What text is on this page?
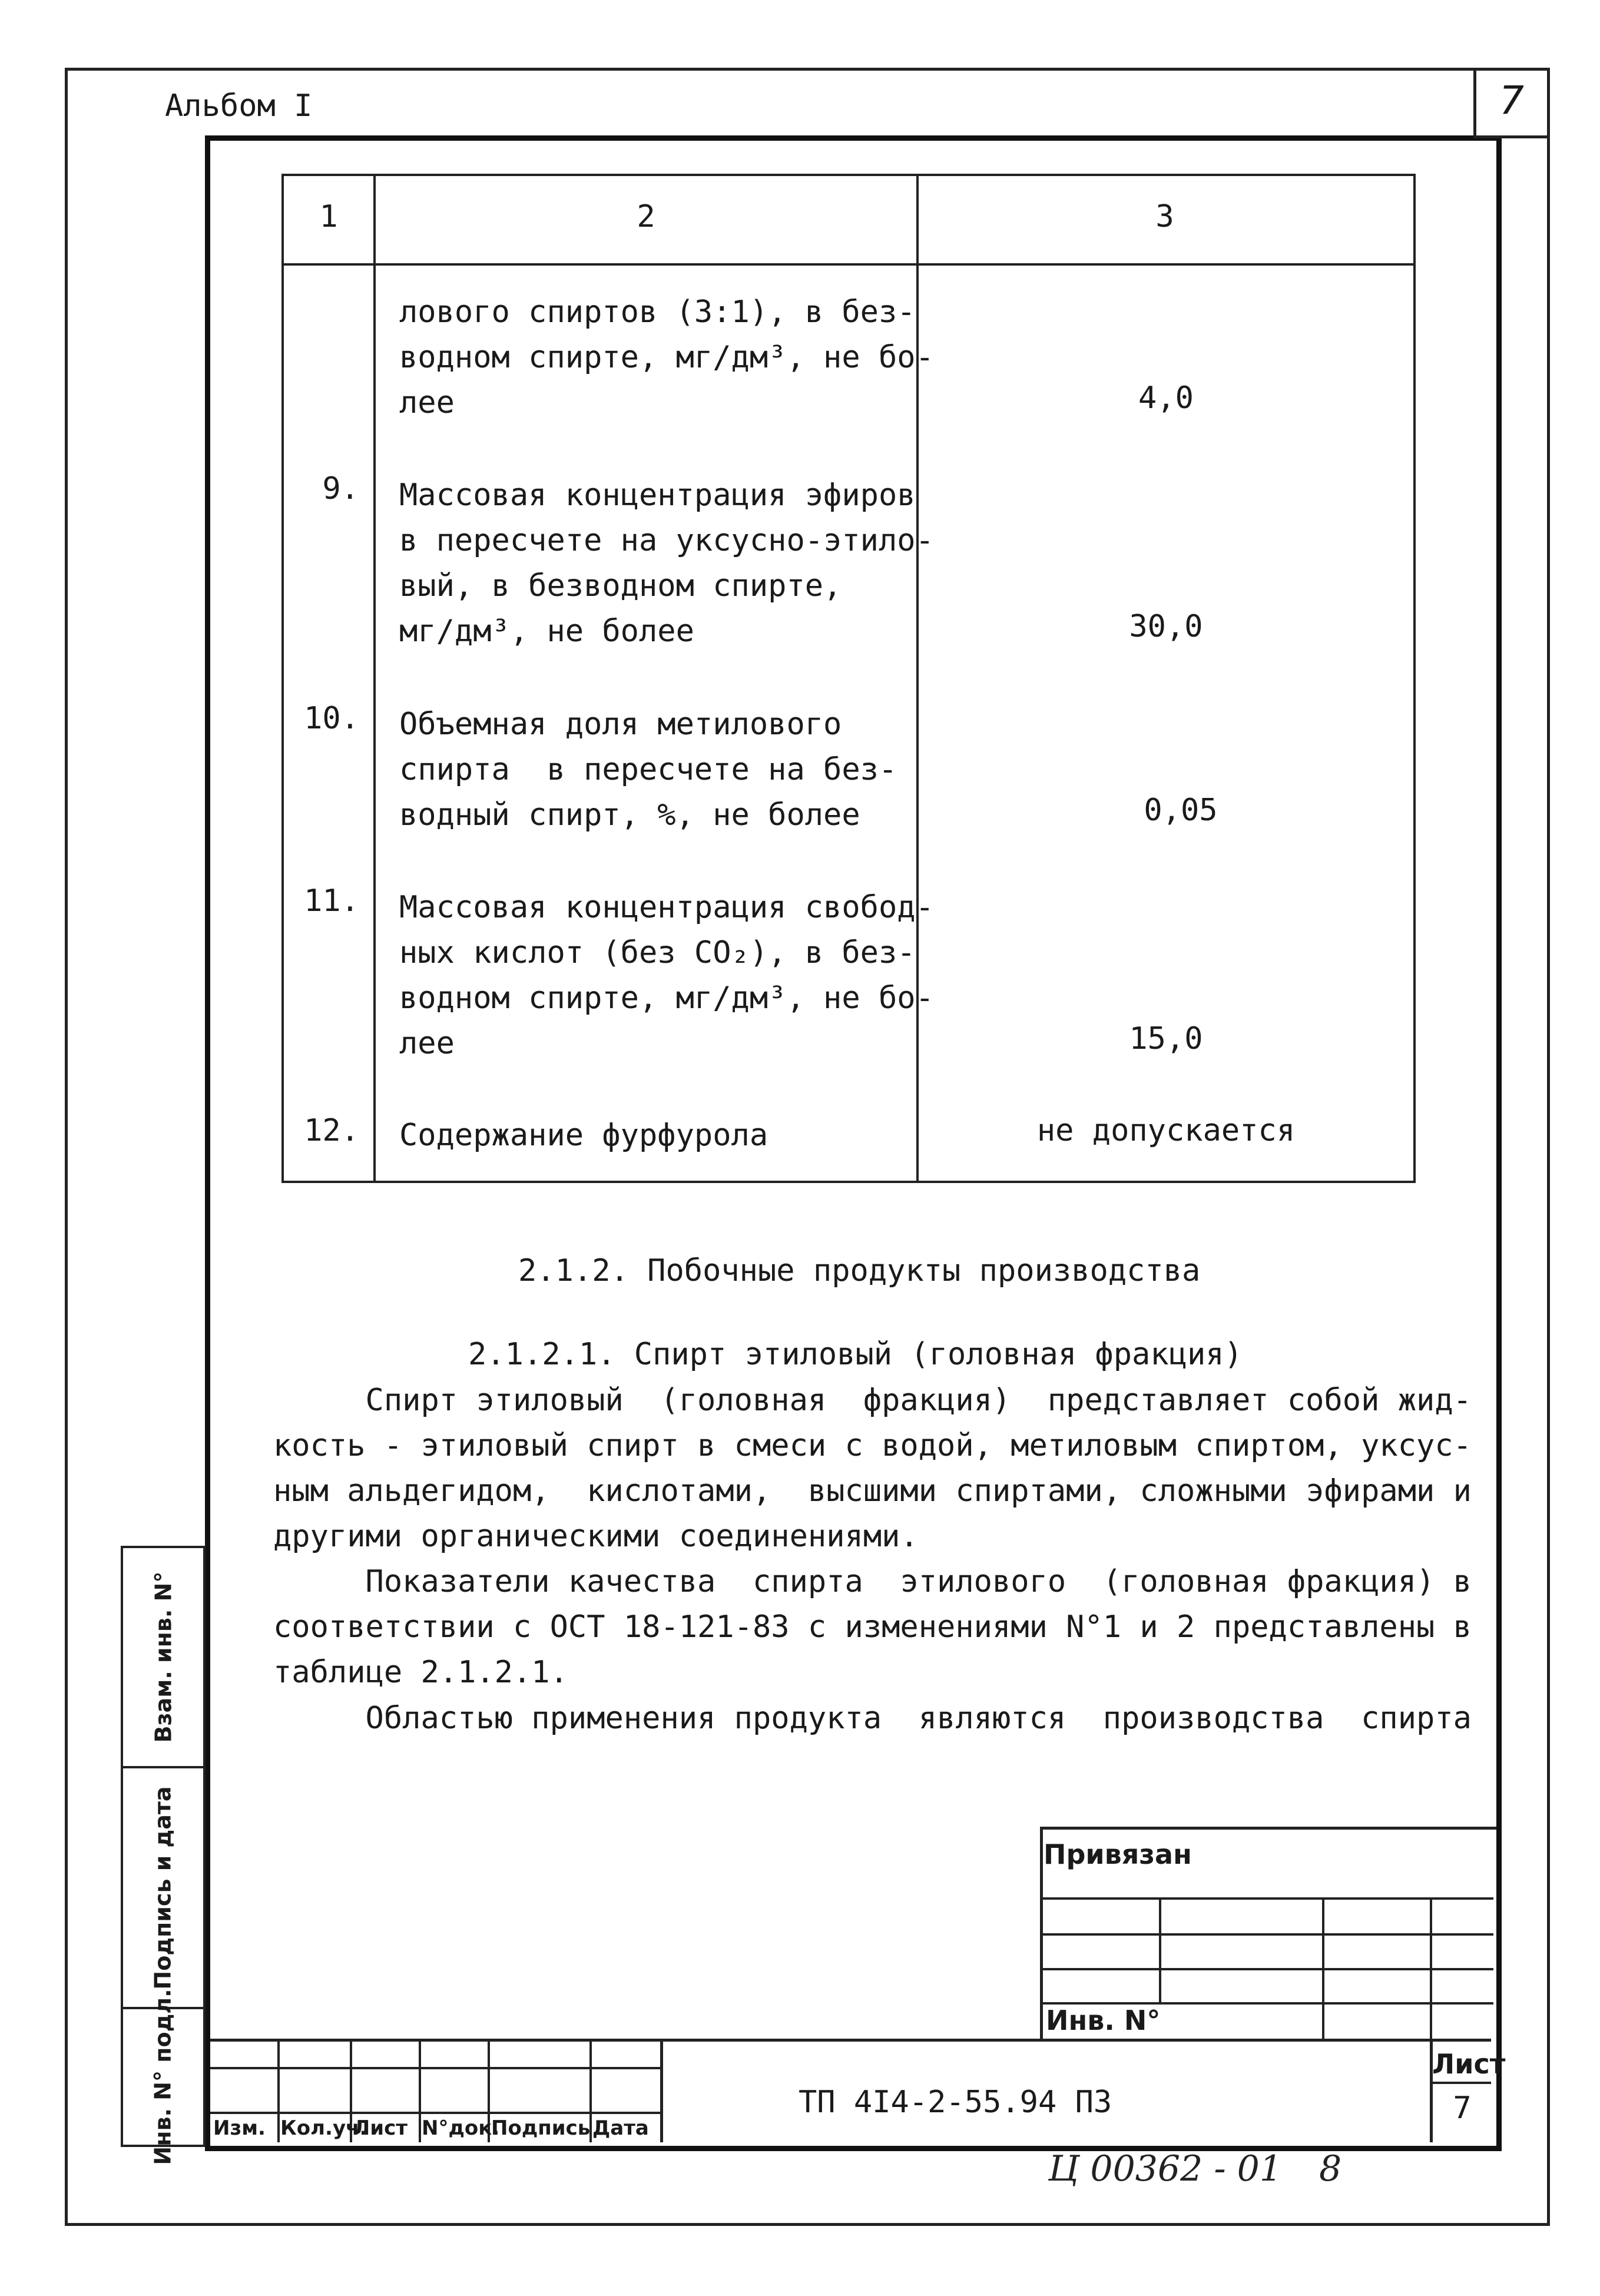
7
Альбом I
1	2	3
лового спиртов (3:1), в без-
водном спирте, мг/дм³, не бо-
лее	4,0
9. Массовая концентрация эфиров
в пересчете на уксусно-этило-
вый, в безводном спирте,
мг/дм³, не более	30,0
10. Объемная доля метилового
спирта  в пересчете на без-
водный спирт, %, не более	0,05
11. Массовая концентрация свобод-
ных кислот (без CO₂), в без-
водном спирте, мг/дм³, не бо-
лее	15,0
12. Содержание фурфурола	не допускается
2.1.2. Побочные продукты производства
2.1.2.1. Спирт этиловый (головная фракция)
Спирт этиловый  (головная  фракция)  представляет собой жид-
кость - этиловый спирт в смеси с водой, метиловым спиртом, уксус-
ным альдегидом,  кислотами,  высшими спиртами, сложными эфирами и
другими органическими соединениями.
Показатели качества  спирта  этилового  (головная фракция) в
соответствии с ОСТ 18-121-83 с изменениями N°1 и 2 представлены в
таблице 2.1.2.1.
Областью применения продукта  являются  производства  спирта
Взам. инв. N°
Подпись и дата
Инв. N° подл.
Привязан
Инв. N°
Изм. Кол.уч.
Лист N°док.
Подпись Дата
ТП 4I4-2-55.94 ПЗ
Лист
7
Ц 00362 - 01 8
